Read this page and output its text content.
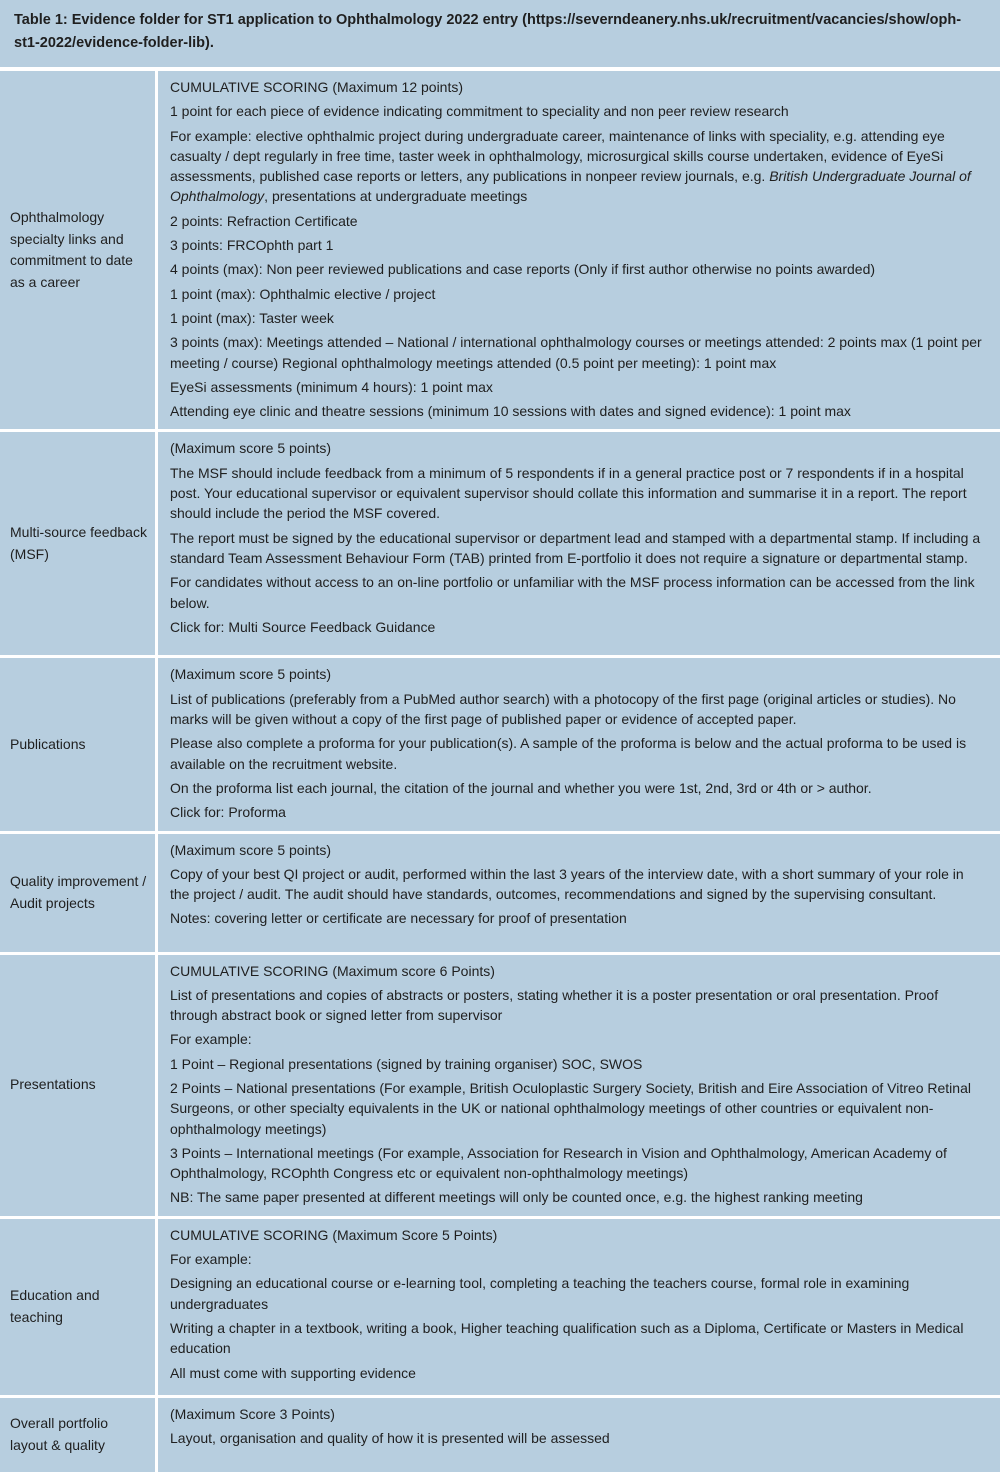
Table 1: Evidence folder for ST1 application to Ophthalmology 2022 entry (https://severndeanery.nhs.uk/recruitment/vacancies/show/oph-st1-2022/evidence-folder-lib).
Ophthalmology specialty links and commitment to date as a career

CUMULATIVE SCORING (Maximum 12 points)

1 point for each piece of evidence indicating commitment to speciality and non peer review research

For example: elective ophthalmic project during undergraduate career, maintenance of links with speciality, e.g. attending eye casualty / dept regularly in free time, taster week in ophthalmology, microsurgical skills course undertaken, evidence of EyeSi assessments, published case reports or letters, any publications in nonpeer review journals, e.g. British Undergraduate Journal of Ophthalmology, presentations at undergraduate meetings

2 points: Refraction Certificate

3 points: FRCOphth part 1

4 points (max): Non peer reviewed publications and case reports (Only if first author otherwise no points awarded)

1 point (max): Ophthalmic elective / project

1 point (max): Taster week

3 points (max): Meetings attended – National / international ophthalmology courses or meetings attended: 2 points max (1 point per meeting / course) Regional ophthalmology meetings attended (0.5 point per meeting): 1 point max

EyeSi assessments (minimum 4 hours): 1 point max

Attending eye clinic and theatre sessions (minimum 10 sessions with dates and signed evidence): 1 point max

Multi-source feedback (MSF)

(Maximum score 5 points)

The MSF should include feedback from a minimum of 5 respondents if in a general practice post or 7 respondents if in a hospital post. Your educational supervisor or equivalent supervisor should collate this information and summarise it in a report. The report should include the period the MSF covered.

The report must be signed by the educational supervisor or department lead and stamped with a departmental stamp. If including a standard Team Assessment Behaviour Form (TAB) printed from E-portfolio it does not require a signature or departmental stamp.

For candidates without access to an on-line portfolio or unfamiliar with the MSF process information can be accessed from the link below.

Click for: Multi Source Feedback Guidance

Publications

(Maximum score 5 points)

List of publications (preferably from a PubMed author search) with a photocopy of the first page (original articles or studies). No marks will be given without a copy of the first page of published paper or evidence of accepted paper.

Please also complete a proforma for your publication(s). A sample of the proforma is below and the actual proforma to be used is available on the recruitment website.

On the proforma list each journal, the citation of the journal and whether you were 1st, 2nd, 3rd or 4th or > author.

Click for: Proforma

Quality improvement / Audit projects

(Maximum score 5 points)

Copy of your best QI project or audit, performed within the last 3 years of the interview date, with a short summary of your role in the project / audit. The audit should have standards, outcomes, recommendations and signed by the supervising consultant.

Notes: covering letter or certificate are necessary for proof of presentation

Presentations

CUMULATIVE SCORING (Maximum score 6 Points)

List of presentations and copies of abstracts or posters, stating whether it is a poster presentation or oral presentation. Proof through abstract book or signed letter from supervisor

For example:

1 Point – Regional presentations (signed by training organiser) SOC, SWOS

2 Points – National presentations (For example, British Oculoplastic Surgery Society, British and Eire Association of Vitreo Retinal Surgeons, or other specialty equivalents in the UK or national ophthalmology meetings of other countries or equivalent non-ophthalmology meetings)

3 Points – International meetings (For example, Association for Research in Vision and Ophthalmology, American Academy of Ophthalmology, RCOphth Congress etc or equivalent non-ophthalmology meetings)

NB: The same paper presented at different meetings will only be counted once, e.g. the highest ranking meeting

Education and teaching

CUMULATIVE SCORING (Maximum Score 5 Points)

For example:

Designing an educational course or e-learning tool, completing a teaching the teachers course, formal role in examining undergraduates

Writing a chapter in a textbook, writing a book, Higher teaching qualification such as a Diploma, Certificate or Masters in Medical education

All must come with supporting evidence

Overall portfolio layout & quality

(Maximum Score 3 Points)

Layout, organisation and quality of how it is presented will be assessed
